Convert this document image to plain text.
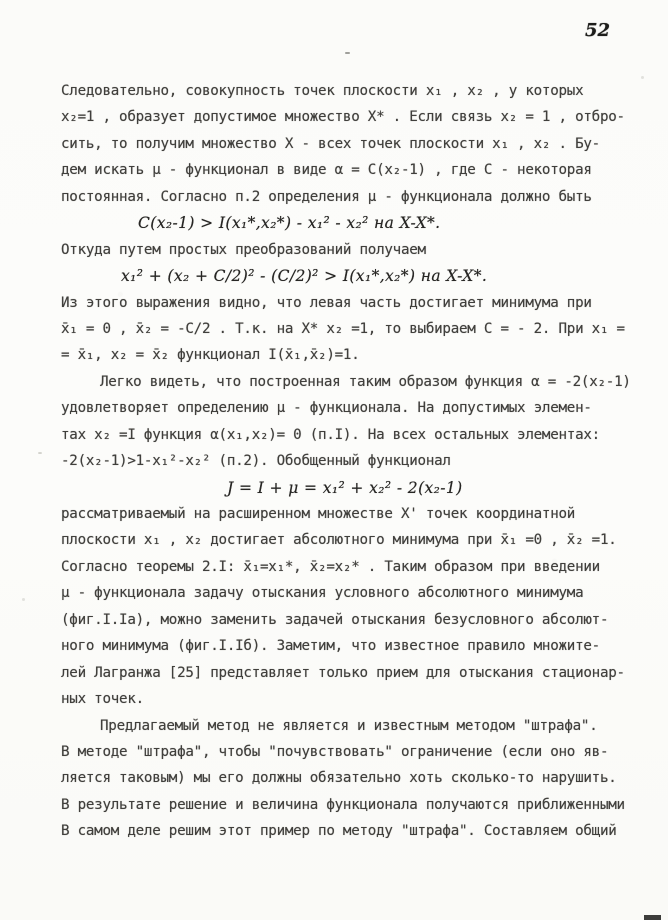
52
Следовательно, совокупность точек плоскости x₁ , x₂ , у которых
x₂=1 , образует допустимое множество X* . Если связь x₂ = 1 , отбро-
сить, то получим множество X - всех точек плоскости x₁ , x₂ . Бу-
дем искать μ - функционал в виде α = C(x₂-1) , где C - некоторая
постоянная. Согласно п.2 определения μ - функционала должно быть
C(x₂-1) > I(x₁*,x₂*) - x₁² - x₂² на X-X*.
Откуда путем простых преобразований получаем
x₁² + (x₂ + C/2)² - (C/2)² > I(x₁*,x₂*) на X-X*.
Из этого выражения видно, что левая часть достигает минимума при
x̄₁ = 0 , x̄₂ = -C/2 . Т.к. на X* x₂ =1, то выбираем C = - 2. При x₁ =
= x̄₁, x₂ = x̄₂ функционал I(x̄₁,x̄₂)=1.
Легко видеть, что построенная таким образом функция α = -2(x₂-1)
удовлетворяет определению μ - функционала. На допустимых элемен-
тах x₂ =I функция α(x₁,x₂)= 0 (п.I). На всех остальных элементах:
-2(x₂-1)>1-x₁²-x₂² (п.2). Обобщенный функционал
J = I + μ = x₁² + x₂² - 2(x₂-1)
рассматриваемый на расширенном множестве X' точек координатной
плоскости x₁ , x₂ достигает абсолютного минимума при x̄₁ =0 , x̄₂ =1.
Согласно теоремы 2.I: x̄₁=x₁*, x̄₂=x₂* . Таким образом при введении
μ - функционала задачу отыскания условного абсолютного минимума
(фиг.I.Iа), можно заменить задачей отыскания безусловного абсолют-
ного минимума (фиг.I.Iб). Заметим, что известное правило множите-
лей Лагранжа [25] представляет только прием для отыскания стационар-
ных точек.
Предлагаемый метод не является и известным методом "штрафа".
В методе "штрафа", чтобы "почувствовать" ограничение (если оно яв-
ляется таковым) мы его должны обязательно хоть сколько-то нарушить.
В результате решение и величина функционала получаются приближенными
В самом деле решим этот пример по методу "штрафа". Составляем общий
